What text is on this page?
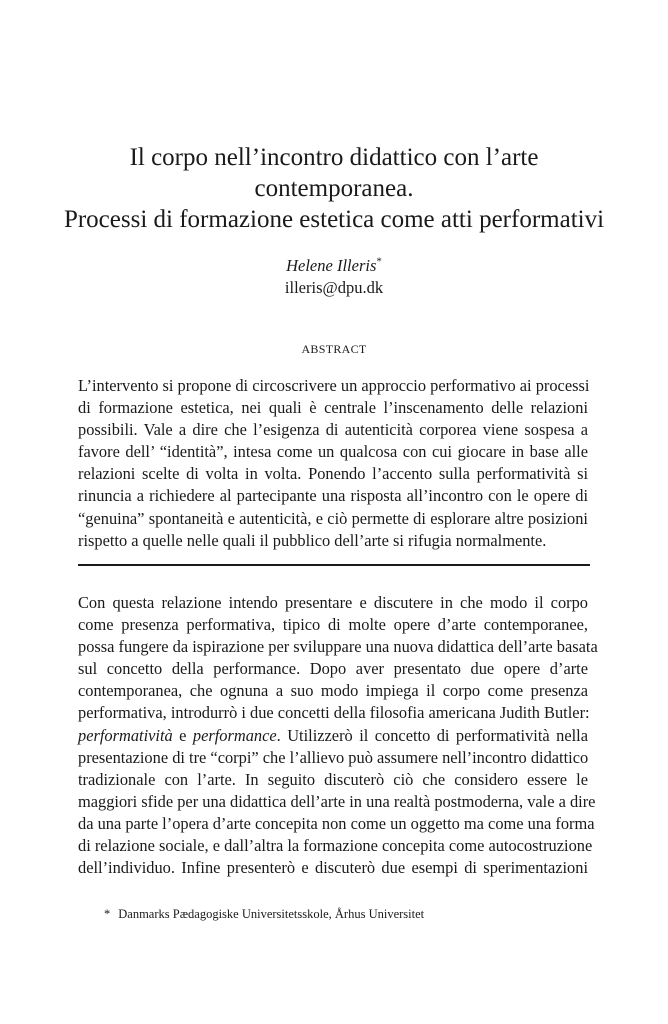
Il corpo nell’incontro didattico con l’arte
contemporanea.
Processi di formazione estetica come atti performativi
Helene Illeris*
illeris@dpu.dk
ABSTRACT
L’intervento si propone di circoscrivere un approccio performativo ai processi
di formazione estetica, nei quali è centrale l’inscenamento delle relazioni
possibili. Vale a dire che l’esigenza di autenticità corporea viene sospesa a
favore dell’ “identità”, intesa come un qualcosa con cui giocare in base alle
relazioni scelte di volta in volta. Ponendo l’accento sulla performatività si
rinuncia a richiedere al partecipante una risposta all’incontro con le opere di
“genuina” spontaneità e autenticità, e ciò permette di esplorare altre posizioni
rispetto a quelle nelle quali il pubblico dell’arte si rifugia normalmente.
Con questa relazione intendo presentare e discutere in che modo il corpo
come presenza performativa, tipico di molte opere d’arte contemporanee,
possa fungere da ispirazione per sviluppare una nuova didattica dell’arte basata
sul concetto della performance. Dopo aver presentato due opere d’arte
contemporanea, che ognuna a suo modo impiega il corpo come presenza
performativa, introdurrò i due concetti della filosofia americana Judith Butler:
performatività e performance. Utilizzerò il concetto di performatività nella
presentazione di tre “corpi” che l’allievo può assumere nell’incontro didattico
tradizionale con l’arte. In seguito discuterò ciò che considero essere le
maggiori sfide per una didattica dell’arte in una realtà postmoderna, vale a dire
da una parte l’opera d’arte concepita non come un oggetto ma come una forma
di relazione sociale, e dall’altra la formazione concepita come autocostruzione
dell’individuo. Infine presenterò e discuterò due esempi di sperimentazioni
* Danmarks Pædagogiske Universitetsskole, Århus Universitet
